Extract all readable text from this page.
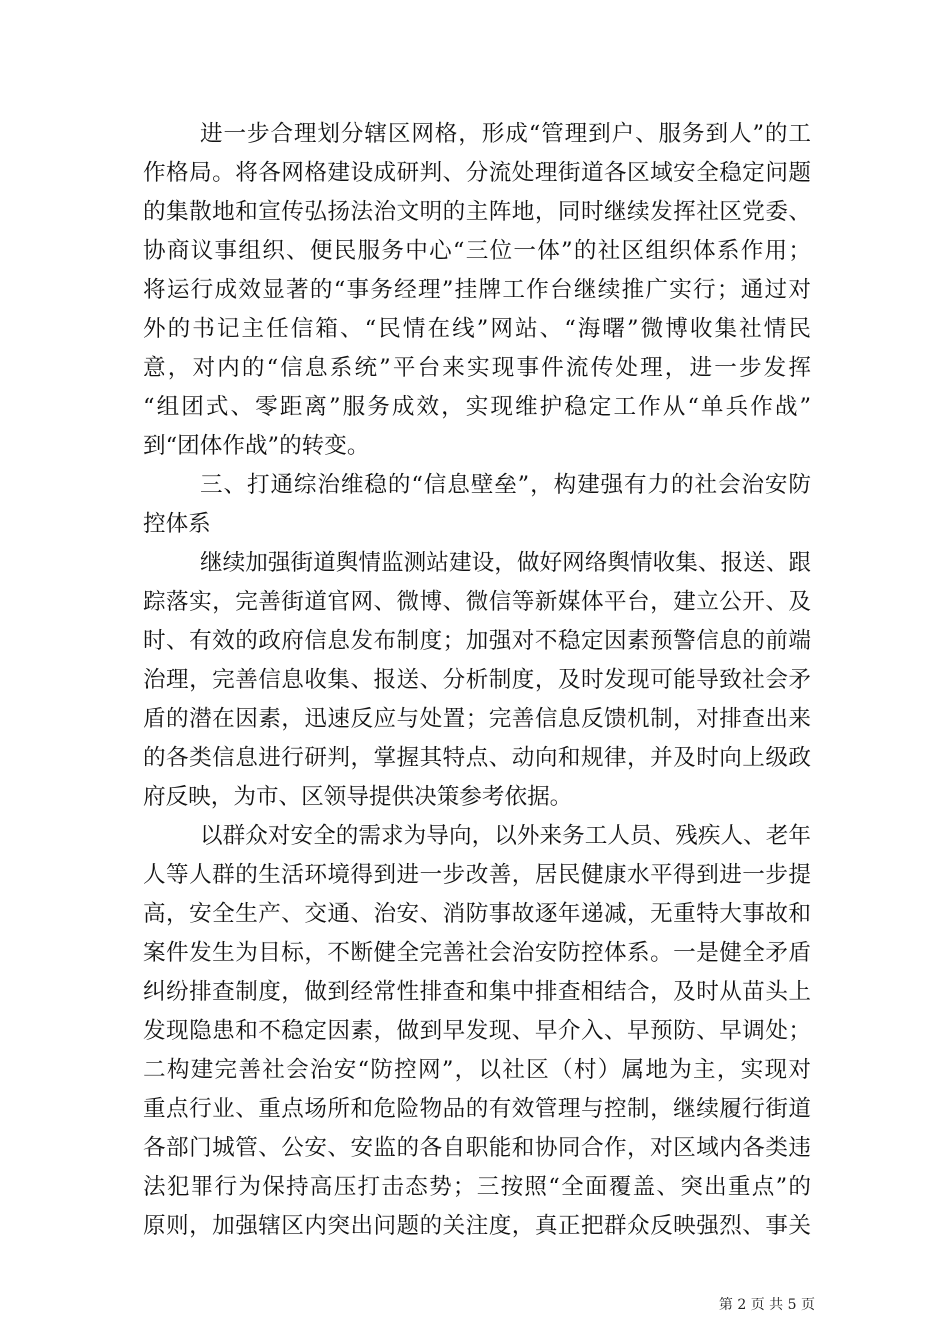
进一步合理划分辖区网格，形成“管理到户、服务到人”的工
作格局。将各网格建设成研判、分流处理街道各区域安全稳定问题
的集散地和宣传弘扬法治文明的主阵地，同时继续发挥社区党委、
协商议事组织、便民服务中心“三位一体”的社区组织体系作用；
将运行成效显著的“事务经理”挂牌工作台继续推广实行；通过对
外的书记主任信箱、“民情在线”网站、“海曙”微博收集社情民
意，对内的“信息系统”平台来实现事件流传处理，进一步发挥
“组团式、零距离”服务成效，实现维护稳定工作从“单兵作战”
到“团体作战”的转变。
三、打通综治维稳的“信息壁垒”，构建强有力的社会治安防
控体系
继续加强街道舆情监测站建设，做好网络舆情收集、报送、跟
踪落实，完善街道官网、微博、微信等新媒体平台，建立公开、及
时、有效的政府信息发布制度；加强对不稳定因素预警信息的前端
治理，完善信息收集、报送、分析制度，及时发现可能导致社会矛
盾的潜在因素，迅速反应与处置；完善信息反馈机制，对排查出来
的各类信息进行研判，掌握其特点、动向和规律，并及时向上级政
府反映，为市、区领导提供决策参考依据。
以群众对安全的需求为导向，以外来务工人员、残疾人、老年
人等人群的生活环境得到进一步改善，居民健康水平得到进一步提
高，安全生产、交通、治安、消防事故逐年递减，无重特大事故和
案件发生为目标，不断健全完善社会治安防控体系。一是健全矛盾
纠纷排查制度，做到经常性排查和集中排查相结合，及时从苗头上
发现隐患和不稳定因素，做到早发现、早介入、早预防、早调处；
二构建完善社会治安“防控网”，以社区（村）属地为主，实现对
重点行业、重点场所和危险物品的有效管理与控制，继续履行街道
各部门城管、公安、安监的各自职能和协同合作，对区域内各类违
法犯罪行为保持高压打击态势；三按照“全面覆盖、突出重点”的
原则，加强辖区内突出问题的关注度，真正把群众反映强烈、事关
第 2 页 共 5 页
